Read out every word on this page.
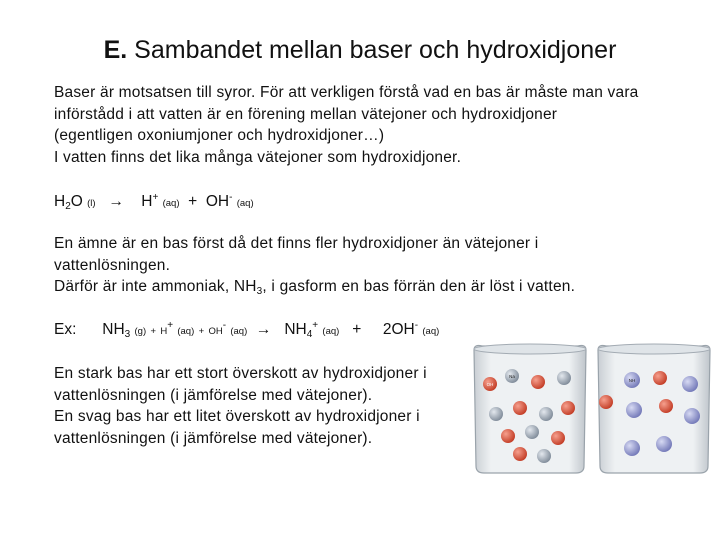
E. Sambandet mellan baser och hydroxidjoner
Baser är motsatsen till syror. För att verkligen förstå vad en bas är måste man vara
införstådd i att vatten är en förening mellan vätejoner och hydroxidjoner
(egentligen oxoniumjoner och hydroxidjoner…)
I vatten finns det lika många vätejoner som hydroxidjoner.
$H_2O$ (l) → H+ (aq) + OH- (aq)
En ämne är en bas först då det finns fler hydroxidjoner än vätejoner i
vattenlösningen.
Därför är inte ammoniak, $NH_3$, i gasform en bas förrän den är löst i vatten.
Ex: $NH_3$ (g) + H+ (aq) + OH- $(aq) \to NH_4^+$ (aq) + 2OH- (aq)
En stark bas har ett stort överskott av hydroxidjoner i
vattenlösningen (i jämförelse med vätejoner).
En svag bas har ett litet överskott av hydroxidjoner i
vattenlösningen (i jämförelse med vätejoner).
OH
Na
NH
